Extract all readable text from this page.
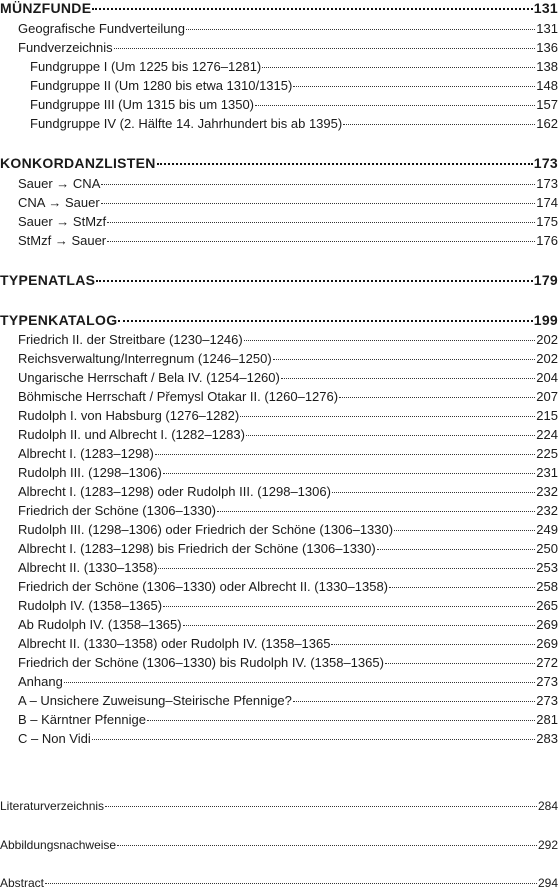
MÜNZFUNDE	131
Geografische Fundverteilung	131
Fundverzeichnis	136
Fundgruppe I (Um 1225 bis 1276–1281)	138
Fundgruppe II (Um 1280 bis etwa 1310/1315)	148
Fundgruppe III (Um 1315 bis um 1350)	157
Fundgruppe IV (2. Hälfte 14. Jahrhundert bis ab 1395)	162
KONKORDANZLISTEN	173
Sauer → CNA	173
CNA → Sauer	174
Sauer → StMzf	175
StMzf → Sauer	176
TYPENATLAS	179
TYPENKATALOG	199
Friedrich II. der Streitbare (1230–1246)	202
Reichsverwaltung/Interregnum (1246–1250)	202
Ungarische Herrschaft / Bela IV. (1254–1260)	204
Böhmische Herrschaft / Přemysl Otakar II. (1260–1276)	207
Rudolph I. von Habsburg (1276–1282)	215
Rudolph II. und Albrecht I. (1282–1283)	224
Albrecht I. (1283–1298)	225
Rudolph III. (1298–1306)	231
Albrecht I. (1283–1298) oder Rudolph III. (1298–1306)	232
Friedrich der Schöne (1306–1330)	232
Rudolph III. (1298–1306) oder Friedrich der Schöne (1306–1330)	249
Albrecht I. (1283–1298) bis Friedrich der Schöne (1306–1330)	250
Albrecht II. (1330–1358)	253
Friedrich der Schöne (1306–1330) oder Albrecht II. (1330–1358)	258
Rudolph IV. (1358–1365)	265
Ab Rudolph IV. (1358–1365)	269
Albrecht II. (1330–1358) oder Rudolph IV. (1358–1365	269
Friedrich der Schöne (1306–1330) bis Rudolph IV. (1358–1365)	272
Anhang	273
A – Unsichere Zuweisung–Steirische Pfennige?	273
B – Kärntner Pfennige	281
C – Non Vidi	283
Literaturverzeichnis	284
Abbildungsnachweise	292
Abstract	294
